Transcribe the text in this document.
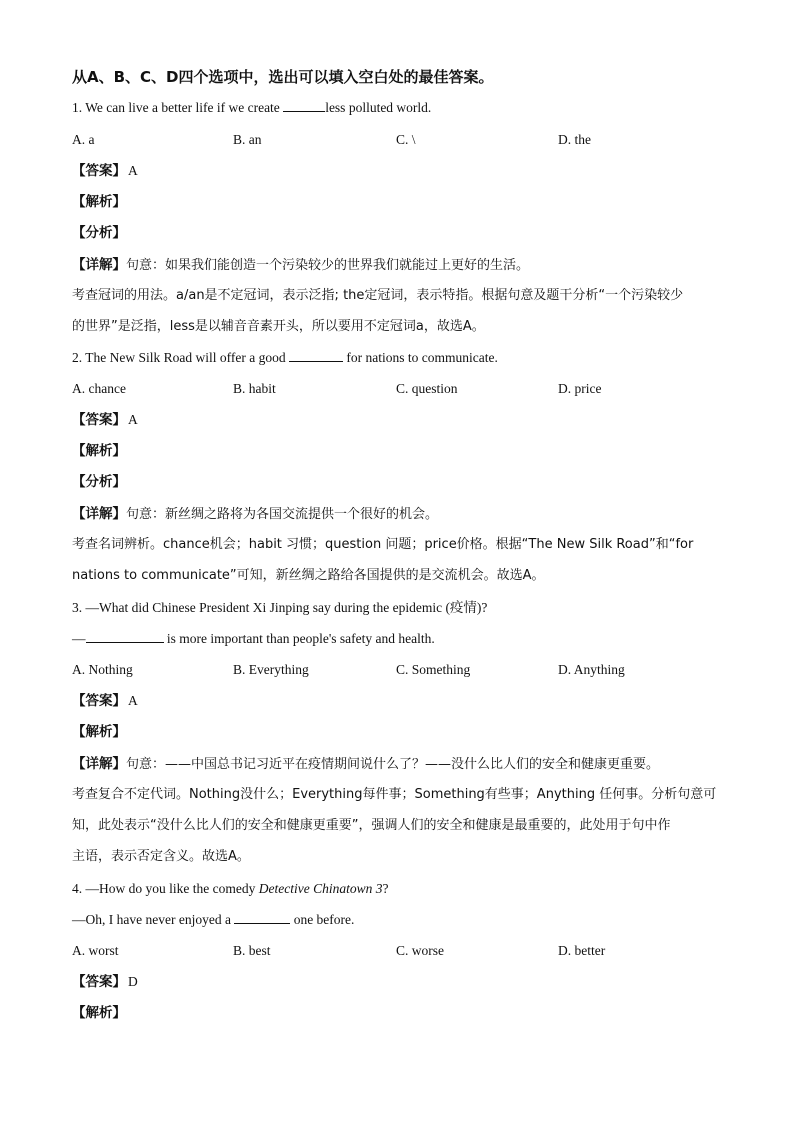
从A、B、C、D四个选项中，选出可以填入空白处的最佳答案。
1. We can live a better life if we create	less polluted world.
A. a	B. an	C. \	D. the
【答案】 A
【解析】
【分析】
【详解】句意：如果我们能创造一个污染较少的世界我们就能过上更好的生活。
考查冠词的用法。a/an是不定冠词，表示泛指; the定冠词，表示特指。根据句意及题干分析“一个污染较少
的世界”是泛指，less是以辅音音素开头，所以要用不定冠词a，故选A。
2. The New Silk Road will offer a good	for nations to communicate.
A. chance	B. habit	C. question	D. price
【答案】 A
【解析】
【分析】
【详解】句意：新丝绸之路将为各国交流提供一个很好的机会。
考查名词辨析。chance机会；habit 习惯；question 问题；price价格。根据“The New Silk Road”和“for
nations to communicate”可知，新丝绸之路给各国提供的是交流机会。故选A。
3. —What did Chinese President Xi Jinping say during the epidemic (疫情)?
—	is more important than people's safety and health.
A. Nothing	B. Everything	C. Something	D. Anything
【答案】 A
【解析】
【详解】句意：——中国总书记习近平在疫情期间说什么了？——没什么比人们的安全和健康更重要。
考查复合不定代词。Nothing没什么；Everything每件事；Something有些事；Anything 任何事。分析句意可
知，此处表示“没什么比人们的安全和健康更重要”，强调人们的安全和健康是最重要的，此处用于句中作
主语，表示否定含义。故选A。
4. —How do you like the comedy Detective Chinatown 3?
—Oh, I have never enjoyed a	one before.
A. worst	B. best	C. worse	D. better
【答案】 D
【解析】
